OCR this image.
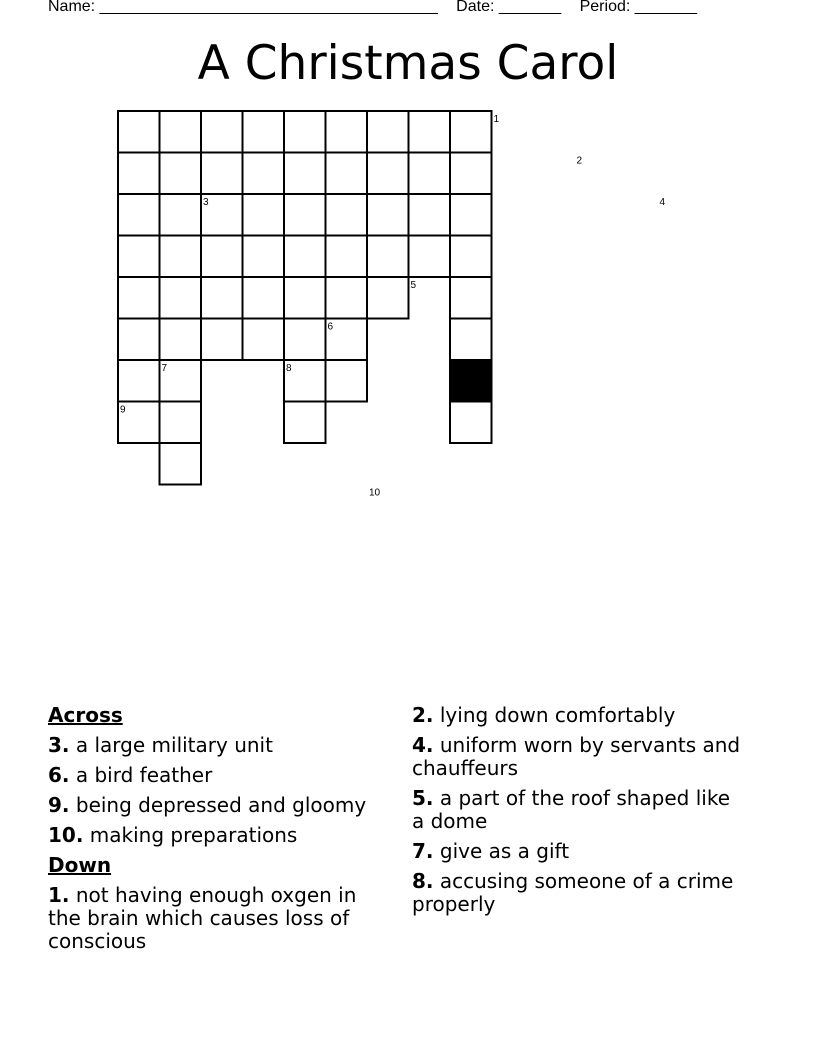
Name: ______________________________________ Date: _______ Period: _______
A Christmas Carol
1
2
3	4
5
6
7	8
9
10
Across
3. a large military unit
6. a bird feather
9. being depressed and gloomy
10. making preparations
Down
1. not having enough oxgen in the brain which causes loss of conscious
2. lying down comfortably
4. uniform worn by servants and chauffeurs
5. a part of the roof shaped like a dome
7. give as a gift
8. accusing someone of a crime properly
